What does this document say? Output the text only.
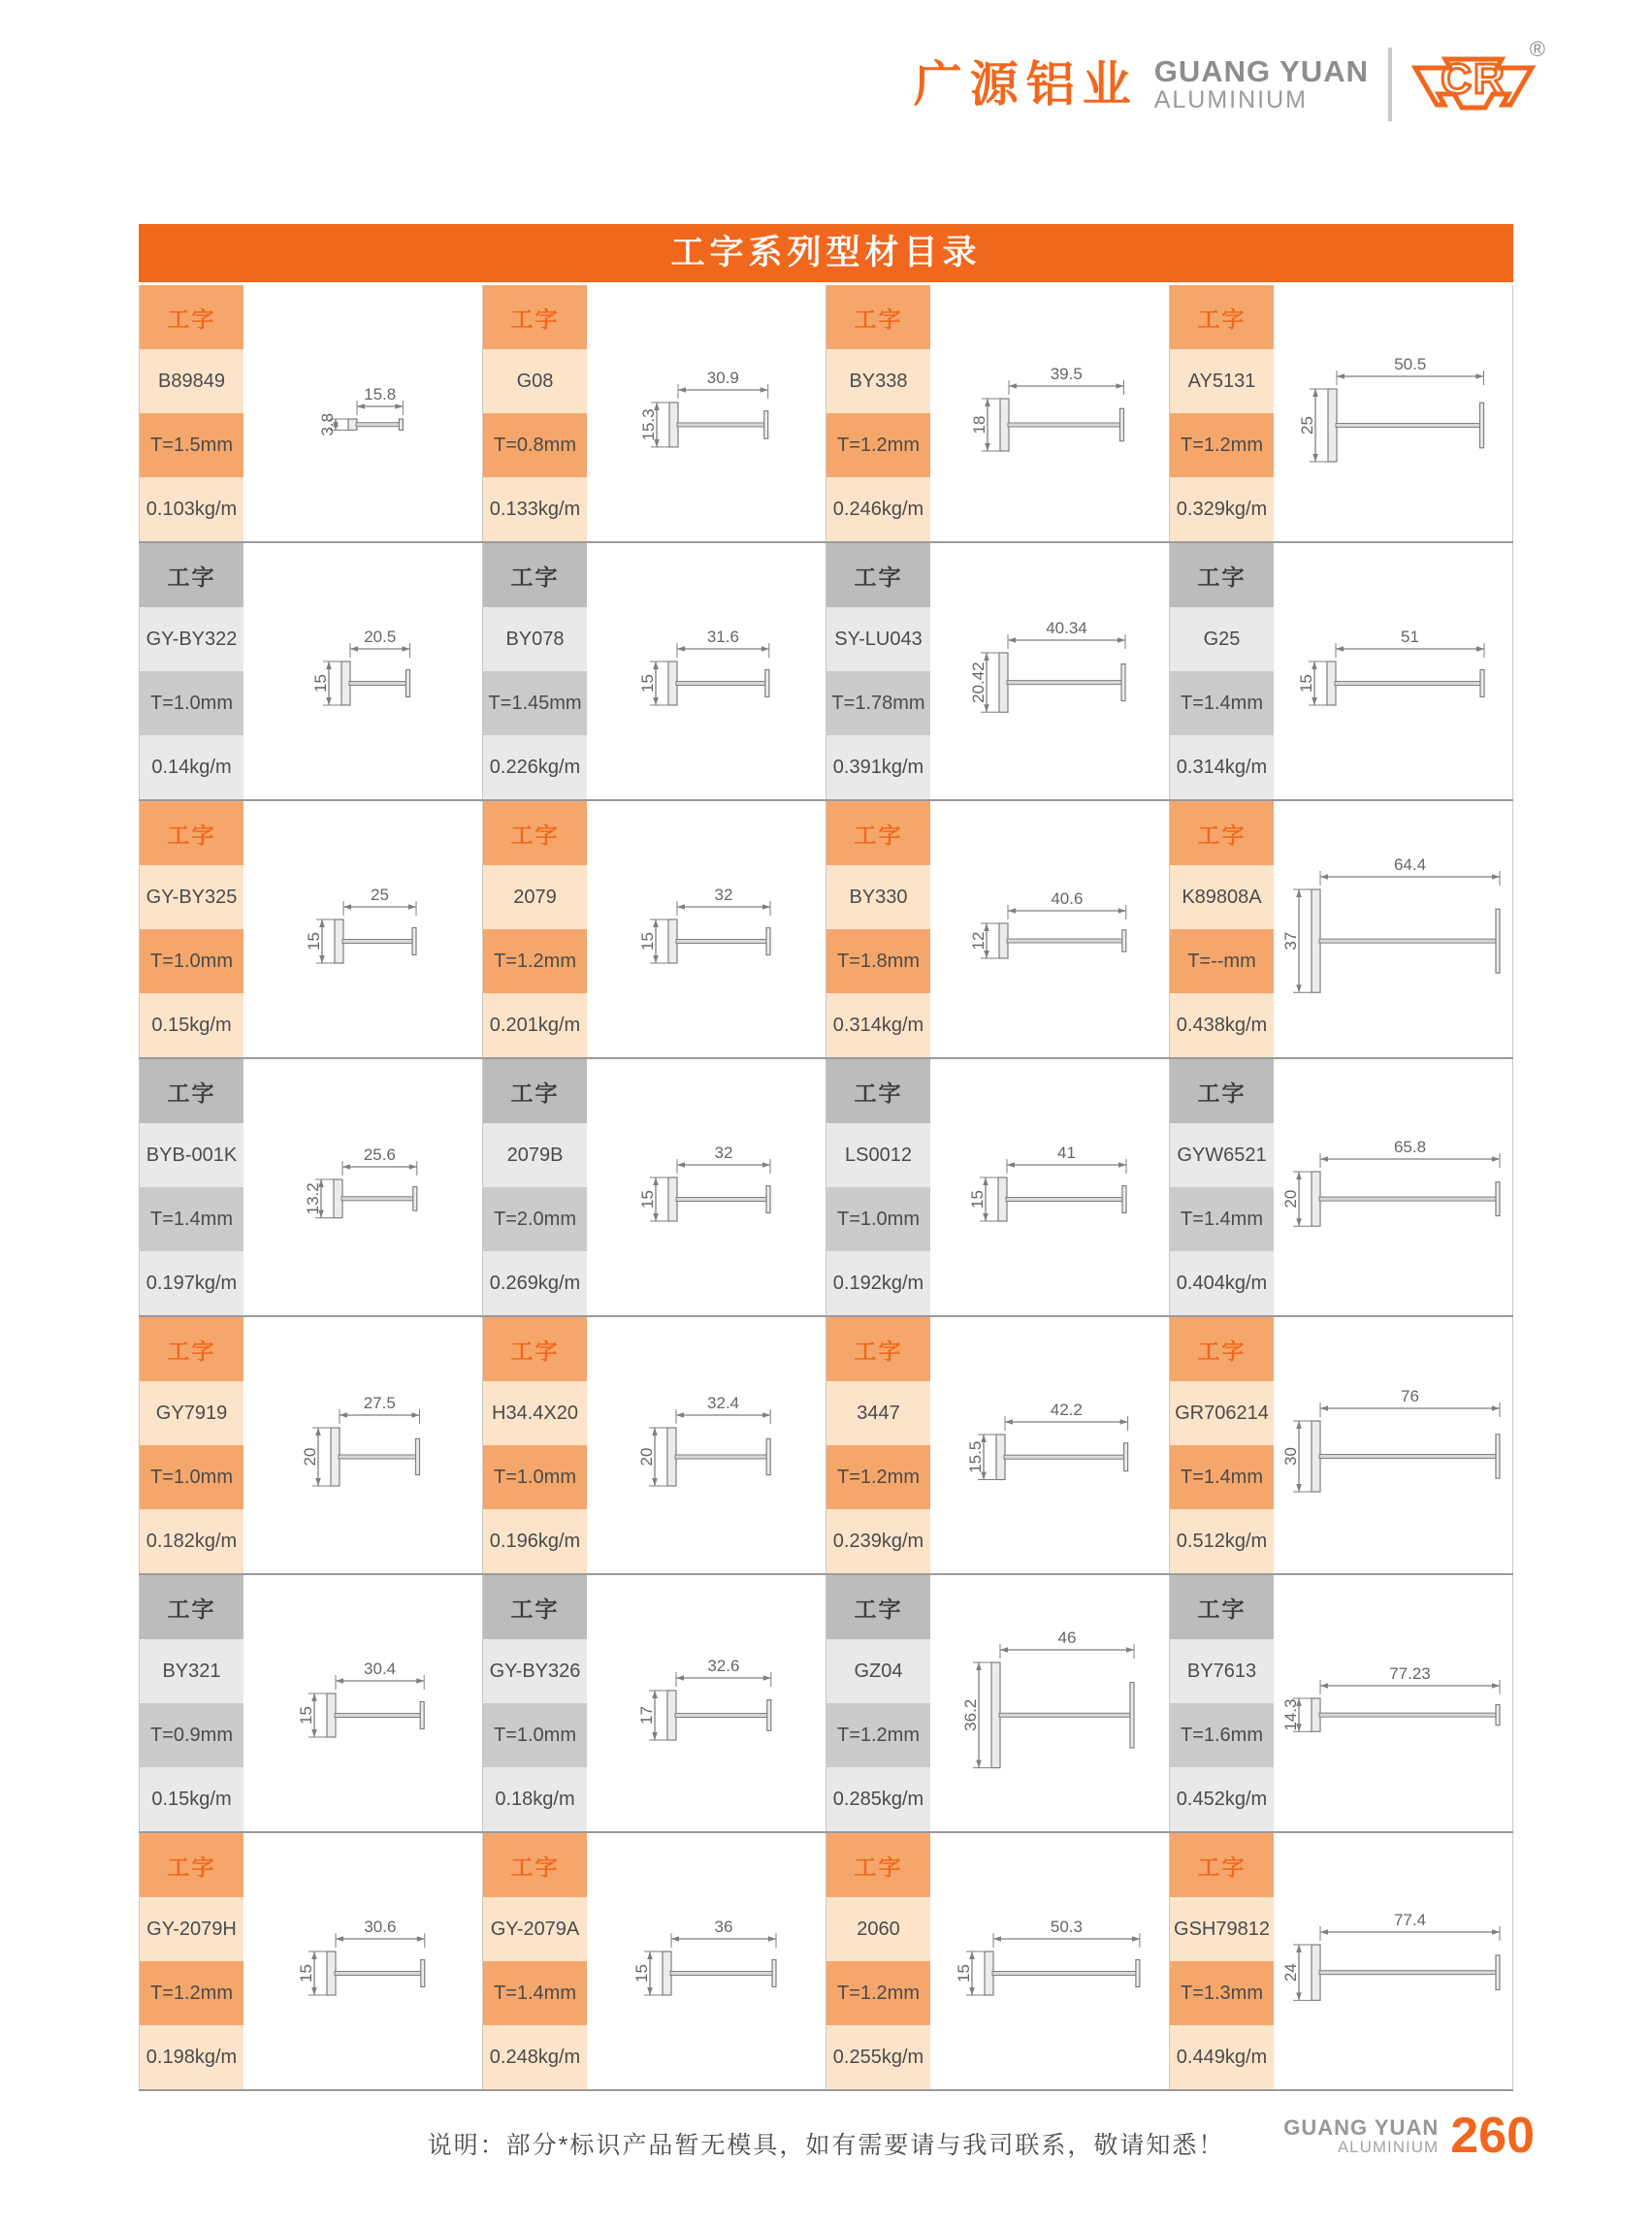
广源铝业 GUANG YUAN
ALUMINIUM	CR
®
工字系列型材目录
工字
B89849
T=1.5mm
0.103kg/m
15.8
3.8
工字
G08
T=0.8mm
0.133kg/m
30.9
15.3
工字
BY338
T=1.2mm
0.246kg/m
39.5
18
工字
AY5131
T=1.2mm
0.329kg/m
50.5
25
工字
GY-BY322
T=1.0mm
0.14kg/m
20.5
15
工字
BY078
T=1.45mm
0.226kg/m
31.6
15
工字
SY-LU043
T=1.78mm
0.391kg/m
40.34
20.42
工字
G25
T=1.4mm
0.314kg/m
51
15
工字
GY-BY325
T=1.0mm
0.15kg/m
25
15
工字
2079
T=1.2mm
0.201kg/m
32
15
工字
BY330
T=1.8mm
0.314kg/m
40.6
12
工字
K89808A
T=--mm
0.438kg/m
64.4
37
工字
BYB-001K
T=1.4mm
0.197kg/m
25.6
13.2
工字
2079B
T=2.0mm
0.269kg/m
32
15
工字
LS0012
T=1.0mm
0.192kg/m
41
15
工字
GYW6521
T=1.4mm
0.404kg/m
65.8
20
工字
GY7919
T=1.0mm
0.182kg/m
27.5
20
工字
H34.4X20
T=1.0mm
0.196kg/m
32.4
20
工字
3447
T=1.2mm
0.239kg/m
42.2
15.5
工字
GR706214
T=1.4mm
0.512kg/m
76
30
工字
BY321
T=0.9mm
0.15kg/m
30.4
15
工字
GY-BY326
T=1.0mm
0.18kg/m
32.6
17
工字
GZ04
T=1.2mm
0.285kg/m
46
36.2
工字
BY7613
T=1.6mm
0.452kg/m
77.23
14.3
工字
GY-2079H
T=1.2mm
0.198kg/m
30.6
15
工字
GY-2079A
T=1.4mm
0.248kg/m
36
15
工字
2060
T=1.2mm
0.255kg/m
50.3
15
工字
GSH79812
T=1.3mm
0.449kg/m
77.4
24
说明：部分*标识产品暂无模具，如有需要请与我司联系，敬请知悉！
GUANG YUAN
ALUMINIUM 260
